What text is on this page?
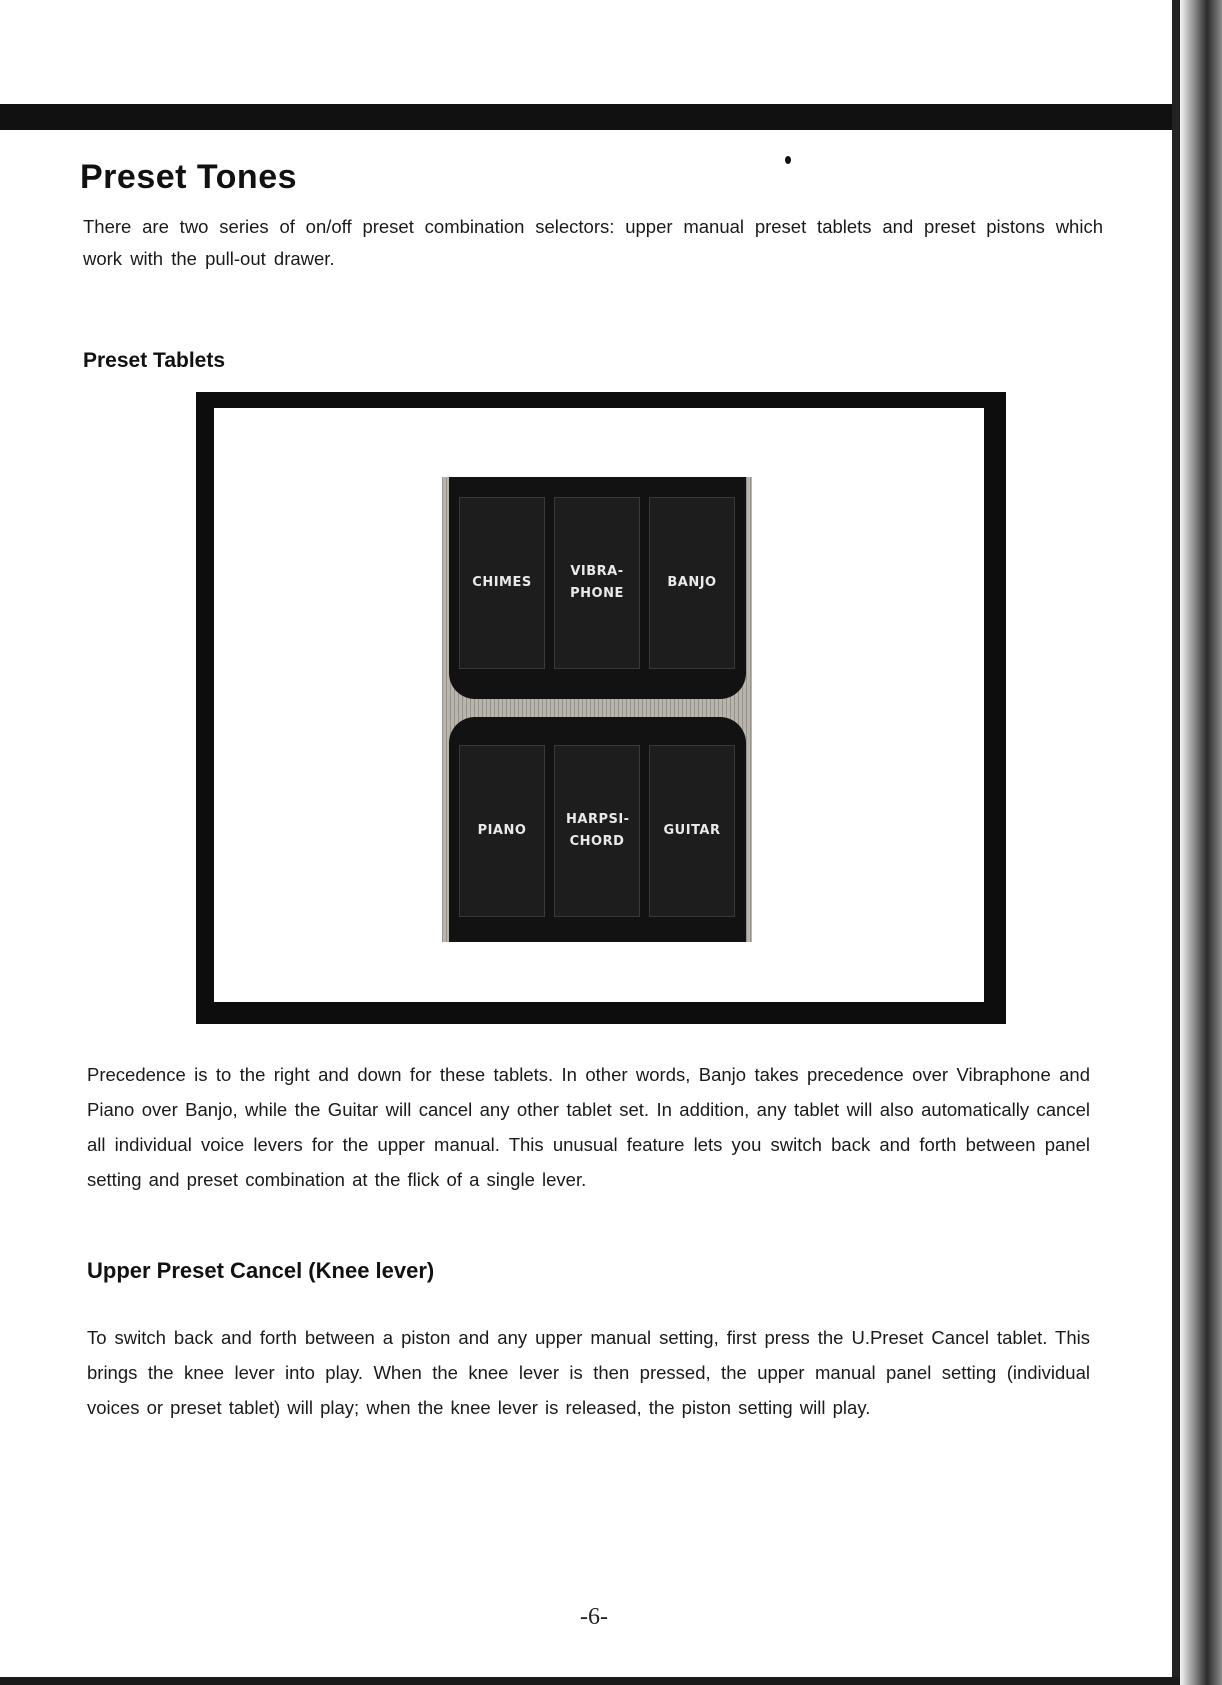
Preset Tones

There are two series of on/off preset combination selectors: upper manual preset tablets and preset pistons which work with the pull-out drawer.

Preset Tablets
CHIMES
VIBRA- PHONE
BANJO
PIANO
HARPSI- CHORD
GUITAR

Precedence is to the right and down for these tablets. In other words, Banjo takes precedence over Vibraphone and Piano over Banjo, while the Guitar will cancel any other tablet set. In addition, any tablet will also automatically cancel all individual voice levers for the upper manual. This unusual feature lets you switch back and forth between panel setting and preset combination at the flick of a single lever.

Upper Preset Cancel (Knee lever)

To switch back and forth between a piston and any upper manual setting, first press the U.Preset Cancel tablet. This brings the knee lever into play. When the knee lever is then pressed, the upper manual panel setting (individual voices or preset tablet) will play; when the knee lever is released, the piston setting will play.

-6-
